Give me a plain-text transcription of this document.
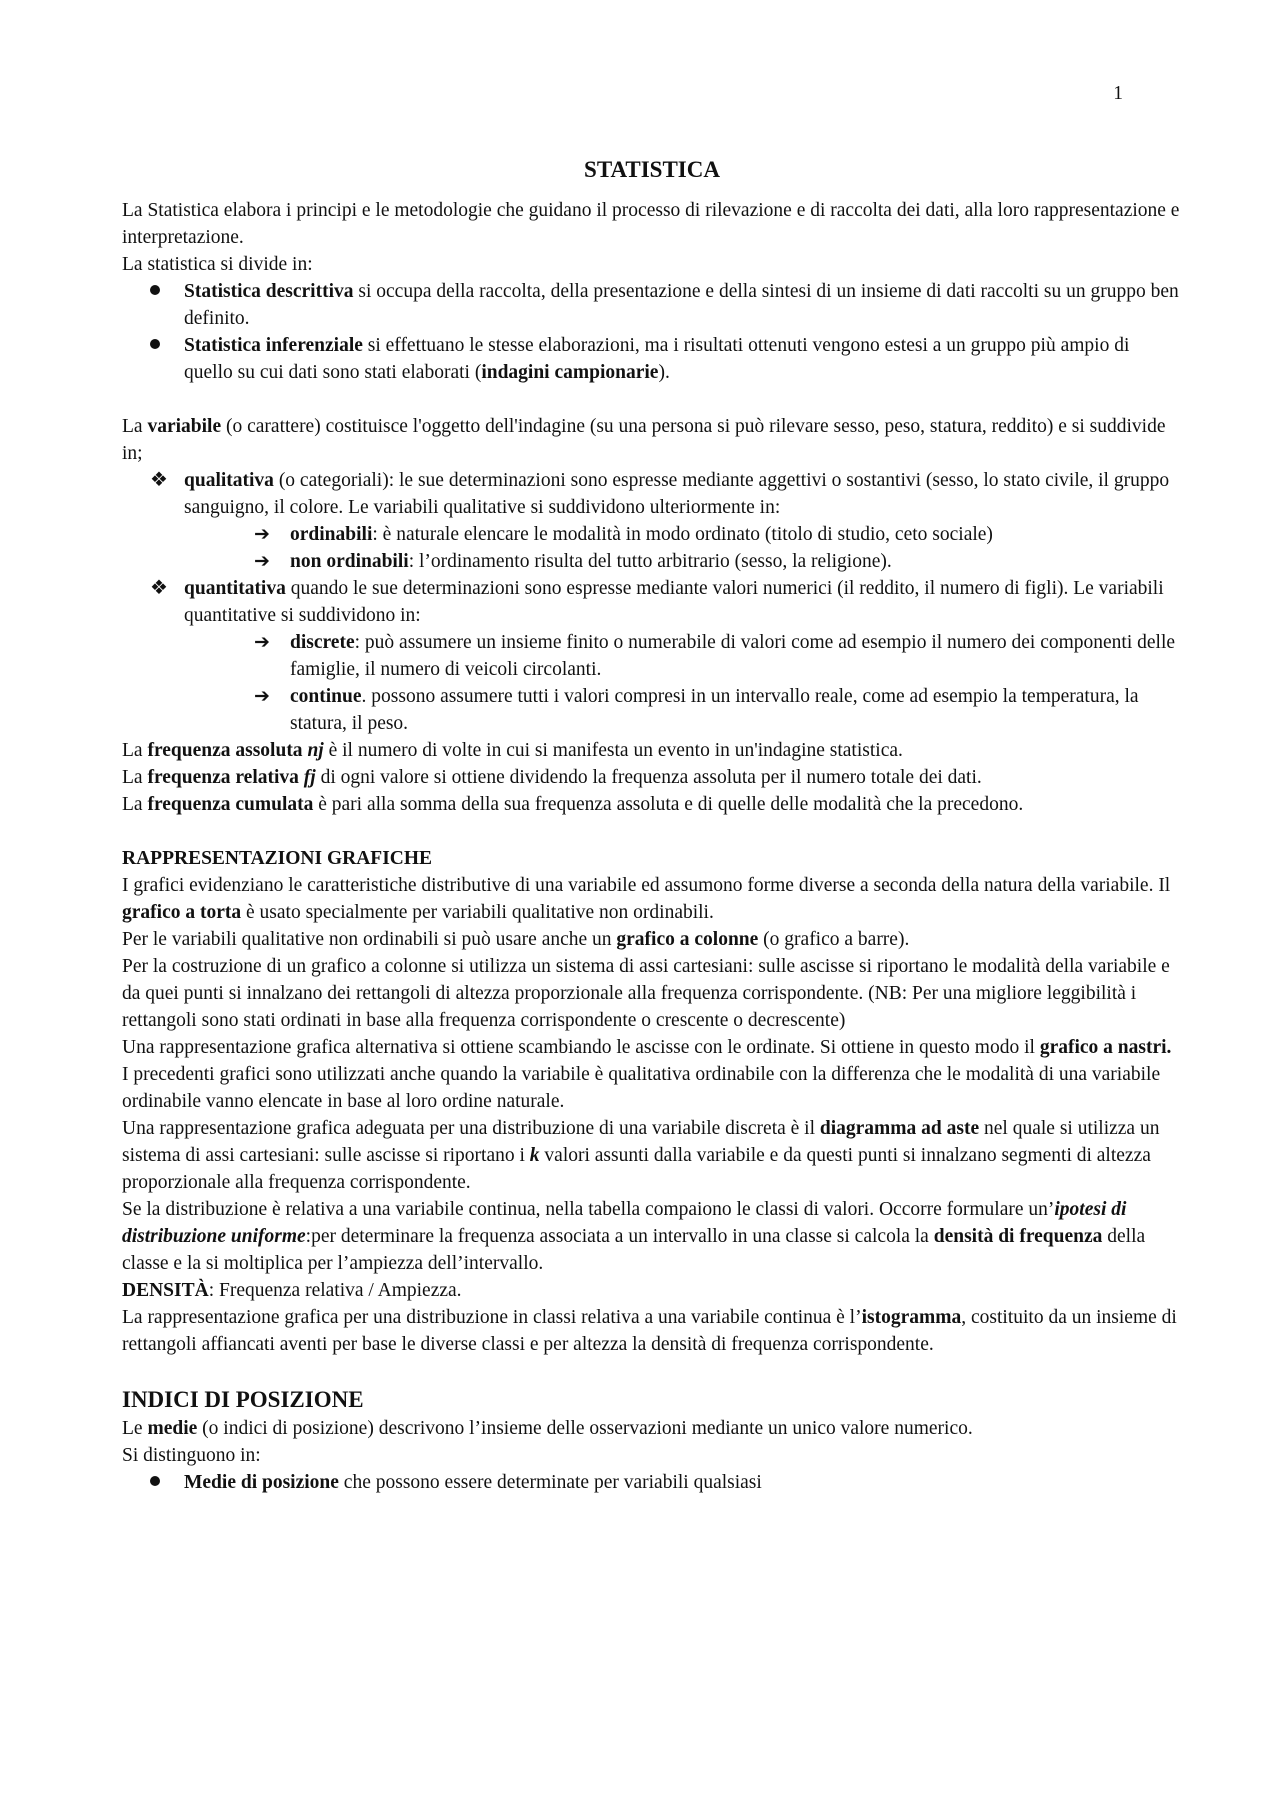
1
STATISTICA

La Statistica elabora i principi e le metodologie che guidano il processo di rilevazione e di raccolta dei dati, alla loro rappresentazione e interpretazione.

La statistica si divide in:

Statistica descrittiva si occupa della raccolta, della presentazione e della sintesi di un insieme di dati raccolti su un gruppo ben definito.
Statistica inferenziale si effettuano le stesse elaborazioni, ma i risultati ottenuti vengono estesi a un gruppo più ampio di quello su cui dati sono stati elaborati (indagini campionarie).

La variabile (o carattere) costituisce l'oggetto dell'indagine (su una persona si può rilevare sesso, peso, statura, reddito) e si suddivide in;

❖ qualitativa (o categoriali): le sue determinazioni sono espresse mediante aggettivi o sostantivi (sesso, lo stato civile, il gruppo sanguigno, il colore. Le variabili qualitative si suddividono ulteriormente in:
➔	ordinabili: è naturale elencare le modalità in modo ordinato (titolo di studio, ceto sociale)
➔	non ordinabili: l’ordinamento risulta del tutto arbitrario (sesso, la religione).
❖ quantitativa quando le sue determinazioni sono espresse mediante valori numerici (il reddito, il numero di figli). Le variabili quantitative si suddividono in:
➔	discrete: può assumere un insieme finito o numerabile di valori come ad esempio il numero dei componenti delle famiglie, il numero di veicoli circolanti.
➔	continue. possono assumere tutti i valori compresi in un intervallo reale, come ad esempio la temperatura, la statura, il peso.

La frequenza assoluta nj è il numero di volte in cui si manifesta un evento in un'indagine statistica.

La frequenza relativa fj di ogni valore si ottiene dividendo la frequenza assoluta per il numero totale dei dati.

La frequenza cumulata è pari alla somma della sua frequenza assoluta e di quelle delle modalità che la precedono.

RAPPRESENTAZIONI GRAFICHE

I grafici evidenziano le caratteristiche distributive di una variabile ed assumono forme diverse a seconda della natura della variabile. Il grafico a torta è usato specialmente per variabili qualitative non ordinabili.

Per le variabili qualitative non ordinabili si può usare anche un grafico a colonne (o grafico a barre).

Per la costruzione di un grafico a colonne si utilizza un sistema di assi cartesiani: sulle ascisse si riportano le modalità della variabile e da quei punti si innalzano dei rettangoli di altezza proporzionale alla frequenza corrispondente. (NB: Per una migliore leggibilità i rettangoli sono stati ordinati in base alla frequenza corrispondente o crescente o decrescente)

Una rappresentazione grafica alternativa si ottiene scambiando le ascisse con le ordinate. Si ottiene in questo modo il grafico a nastri.

I precedenti grafici sono utilizzati anche quando la variabile è qualitativa ordinabile con la differenza che le modalità di una variabile ordinabile vanno elencate in base al loro ordine naturale.

Una rappresentazione grafica adeguata per una distribuzione di una variabile discreta è il diagramma ad aste nel quale si utilizza un sistema di assi cartesiani: sulle ascisse si riportano i k valori assunti dalla variabile e da questi punti si innalzano segmenti di altezza proporzionale alla frequenza corrispondente.

Se la distribuzione è relativa a una variabile continua, nella tabella compaiono le classi di valori. Occorre formulare un’ipotesi di distribuzione uniforme:per determinare la frequenza associata a un intervallo in una classe si calcola la densità di frequenza della classe e la si moltiplica per l’ampiezza dell’intervallo.

DENSITÀ: Frequenza relativa / Ampiezza.

La rappresentazione grafica per una distribuzione in classi relativa a una variabile continua è l’istogramma, costituito da un insieme di rettangoli affiancati aventi per base le diverse classi e per altezza la densità di frequenza corrispondente.

INDICI DI POSIZIONE

Le medie (o indici di posizione) descrivono l’insieme delle osservazioni mediante un unico valore numerico.

Si distinguono in:

Medie di posizione che possono essere determinate per variabili qualsiasi
